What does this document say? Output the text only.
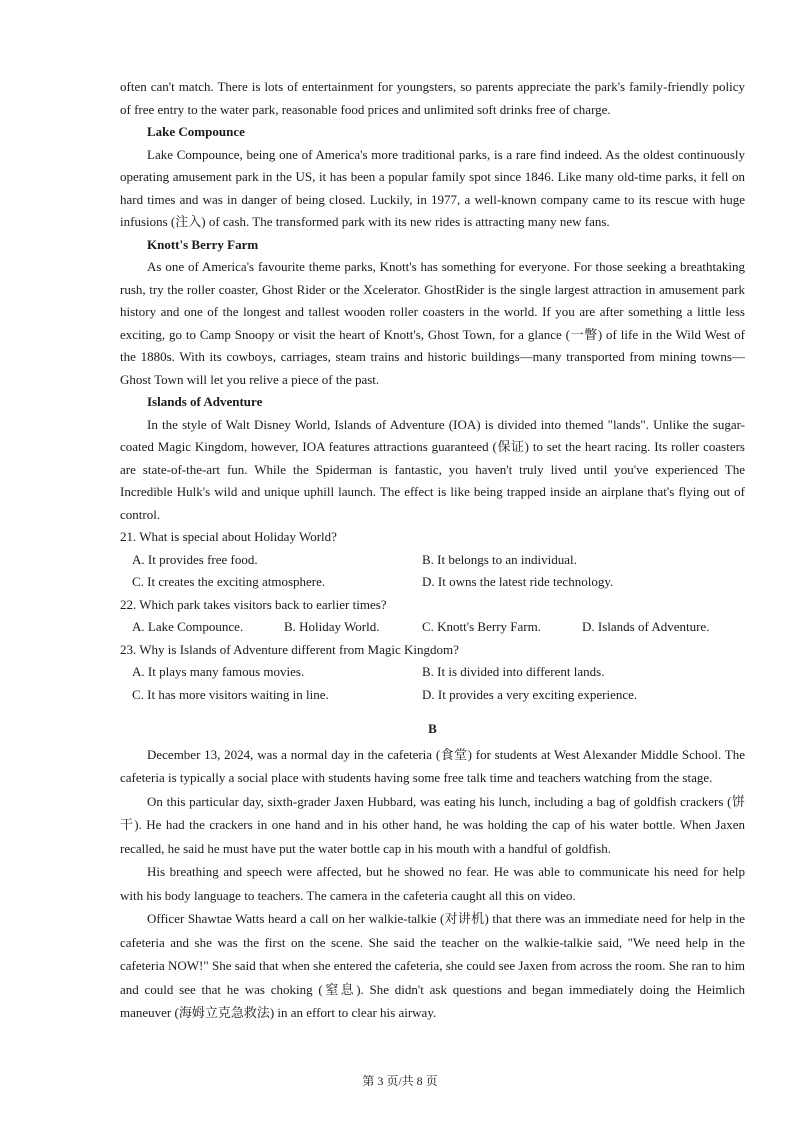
often can't match. There is lots of entertainment for youngsters, so parents appreciate the park's family-friendly policy of free entry to the water park, reasonable food prices and unlimited soft drinks free of charge.

Lake Compounce

Lake Compounce, being one of America's more traditional parks, is a rare find indeed. As the oldest continuously operating amusement park in the US, it has been a popular family spot since 1846. Like many old-time parks, it fell on hard times and was in danger of being closed. Luckily, in 1977, a well-known company came to its rescue with huge infusions (注入) of cash. The transformed park with its new rides is attracting many new fans.

Knott's Berry Farm

As one of America's favourite theme parks, Knott's has something for everyone. For those seeking a breathtaking rush, try the roller coaster, Ghost Rider or the Xcelerator. GhostRider is the single largest attraction in amusement park history and one of the longest and tallest wooden roller coasters in the world. If you are after something a little less exciting, go to Camp Snoopy or visit the heart of Knott's, Ghost Town, for a glance (一瞥) of life in the Wild West of the 1880s. With its cowboys, carriages, steam trains and historic buildings—many transported from mining towns—Ghost Town will let you relive a piece of the past.

Islands of Adventure

In the style of Walt Disney World, Islands of Adventure (IOA) is divided into themed "lands". Unlike the sugar-coated Magic Kingdom, however, IOA features attractions guaranteed (保证) to set the heart racing. Its roller coasters are state-of-the-art fun. While the Spiderman is fantastic, you haven't truly lived until you've experienced The Incredible Hulk's wild and unique uphill launch. The effect is like being trapped inside an airplane that's flying out of control.

21. What is special about Holiday World?
A. It provides free food.	B. It belongs to an individual.
C. It creates the exciting atmosphere.	D. It owns the latest ride technology.
22. Which park takes visitors back to earlier times?
A. Lake Compounce.	B. Holiday World.	C. Knott's Berry Farm.	D. Islands of Adventure.
23. Why is Islands of Adventure different from Magic Kingdom?
A. It plays many famous movies.	B. It is divided into different lands.
C. It has more visitors waiting in line.	D. It provides a very exciting experience.
B

December 13, 2024, was a normal day in the cafeteria (食堂) for students at West Alexander Middle School. The cafeteria is typically a social place with students having some free talk time and teachers watching from the stage.

On this particular day, sixth-grader Jaxen Hubbard, was eating his lunch, including a bag of goldfish crackers (饼干). He had the crackers in one hand and in his other hand, he was holding the cap of his water bottle. When Jaxen recalled, he said he must have put the water bottle cap in his mouth with a handful of goldfish.

His breathing and speech were affected, but he showed no fear. He was able to communicate his need for help with his body language to teachers. The camera in the cafeteria caught all this on video.

Officer Shawtae Watts heard a call on her walkie-talkie (对讲机) that there was an immediate need for help in the cafeteria and she was the first on the scene. She said the teacher on the walkie-talkie said, "We need help in the cafeteria NOW!" She said that when she entered the cafeteria, she could see Jaxen from across the room. She ran to him and could see that he was choking (窒息). She didn't ask questions and began immediately doing the Heimlich maneuver (海姆立克急救法) in an effort to clear his airway.

第 3 页/共 8 页
